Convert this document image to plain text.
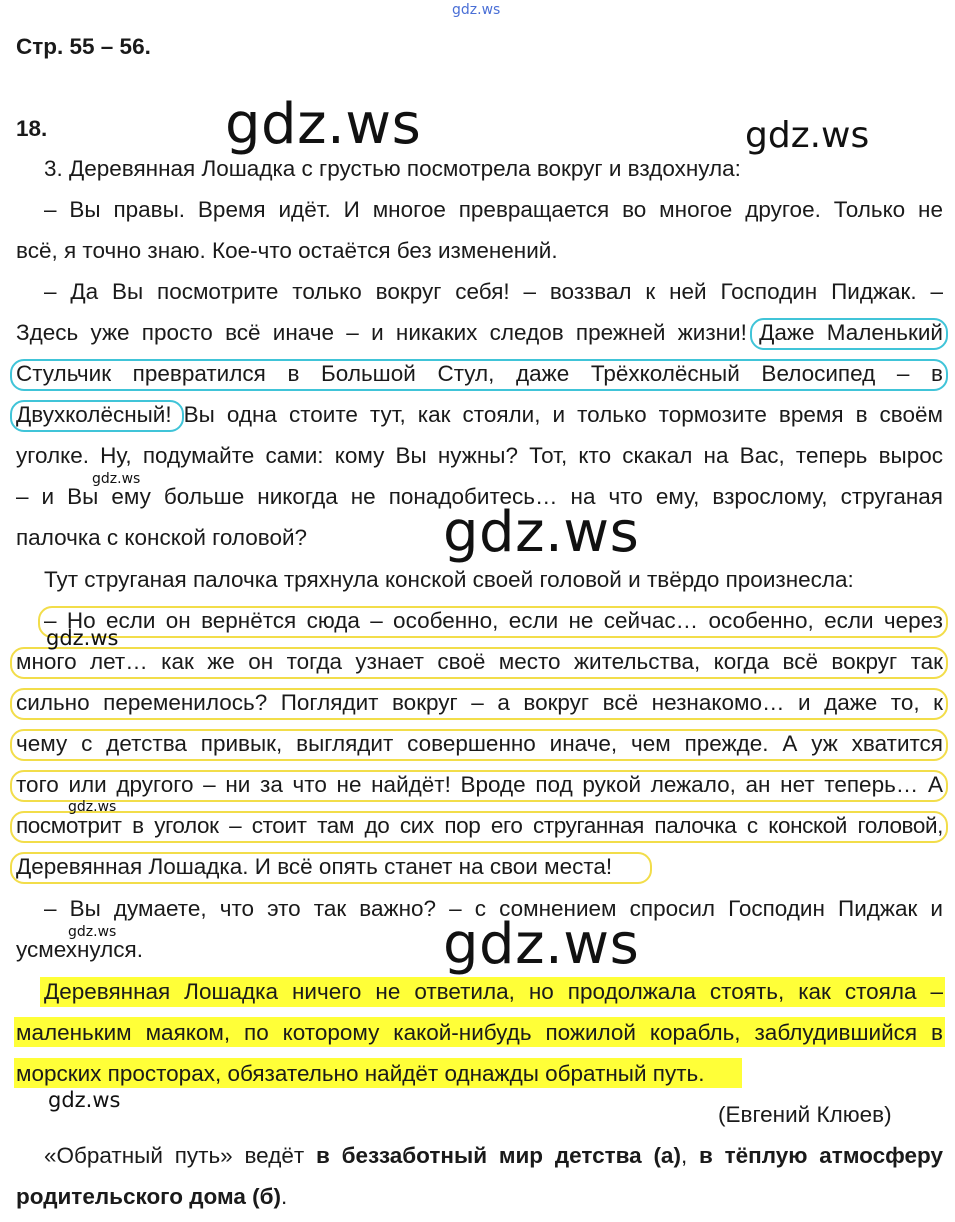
gdz.ws
Стр. 55 – 56.
18.
3. Деревянная Лошадка с грустью посмотрела вокруг и вздохнула:
– Вы правы. Время идёт. И многое превращается во многое другое. Только не
всё, я точно знаю. Кое-что остаётся без изменений.
– Да Вы посмотрите только вокруг себя! – воззвал к ней Господин Пиджак. –
Здесь уже просто всё иначе – и никаких следов прежней жизни! Даже Маленький
Стульчик превратился в Большой Стул, даже Трёхколёсный Велосипед – в
Двухколёсный! Вы одна стоите тут, как стояли, и только тормозите время в своём
уголке. Ну, подумайте сами: кому Вы нужны? Тот, кто скакал на Вас, теперь вырос
– и Вы ему больше никогда не понадобитесь… на что ему, взрослому, струганая
палочка с конской головой?
Тут струганая палочка тряхнула конской своей головой и твёрдо произнесла:
– Но если он вернётся сюда – особенно, если не сейчас… особенно, если через
много лет… как же он тогда узнает своё место жительства, когда всё вокруг так
сильно переменилось? Поглядит вокруг – а вокруг всё незнакомо… и даже то, к
чему с детства привык, выглядит совершенно иначе, чем прежде. А уж хватится
того или другого – ни за что не найдёт! Вроде под рукой лежало, ан нет теперь… А
посмотрит в уголок – стоит там до сих пор его струганная палочка с конской головой,
Деревянная Лошадка. И всё опять станет на свои места!
– Вы думаете, что это так важно? – с сомнением спросил Господин Пиджак и
усмехнулся.
Деревянная Лошадка ничего не ответила, но продолжала стоять, как стояла –
маленьким маяком, по которому какой-нибудь пожилой корабль, заблудившийся в
морских просторах, обязательно найдёт однажды обратный путь.
(Евгений Клюев)
«Обратный путь» ведёт в беззаботный мир детства (а), в тёплую атмосферу
родительского дома (б).
gdz.ws	gdz.ws
gdz.ws
gdz.ws
gdz.ws
gdz.ws
gdz.ws
gdz.ws
gdz.ws
